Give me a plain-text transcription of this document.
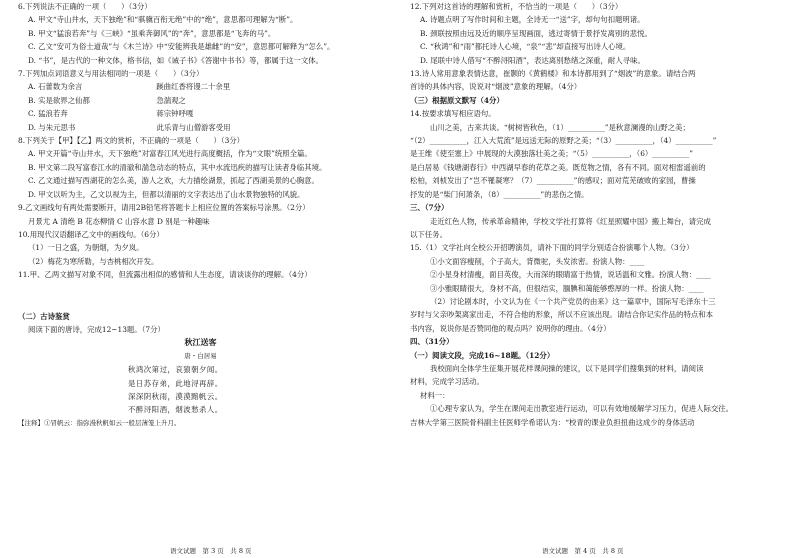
6.下列说法不正确的一项（　　）（3分）
A. 甲文“寺山井水，天下独绝”和“骐骥百衔无绝”中的“绝”，意思都可理解为“断”。
B. 甲文“猛浪若奔”与《三峡》“虽乘奔御风”的“奔”，意思都是“飞奔的马”。
C. 乙文“安可为俗士道哉”与《木兰诗》中“安能辨我是雄雌”的“安”，意思都可解释为“怎么”。
D. “书”，是古代的一种文体，格书信，如《诫子书》《答谢中书书》等，都属于这一文体。
7.下列加点词语意义与用法相同的一项是（　　）（3分）
A. 石蕾数为余言　　　　　　　　　　蹊曲红香将谩二十余里
B. 实是欲界之仙都　　　　　　　　　急湍观之
C. 猛浪若奔　　　　　　　　　　　　蒋宗钟呼嘎
D. 与朱元思书　　　　　　　　　　　此乐青与山僧游客受用
8.下列关于【甲】【乙】两文的赏析，不正确的一项是（　　）（3分）
A. 甲文开篇“寺山井水，天下独绝”对富春江风光进行高度概括，作为“文眼”统照全篇。
B. 甲文第二段写富春江水的清澈和湍急动态的特点，其中水流迅疾的描写让读者身临其境。
C. 乙文通过描写西湖花的怎么美，游人之欢，大力描绘湖景，抓起了西湖美景的心胸意。
D. 甲文以听为主，乙文以视为主，但都以清丽的文字表达出了山水景物独特的风貌。
9.乙文画线句有两处需要断开，请用2B铅笔将答题卡上相应位置的答案标号涂黑。（2分）
月景尤 A 清绝 B 花态柳情 C 山容水意 D 别是一种趣味
10.用现代汉语翻译乙文中的画线句。（6分）
（1）一日之盛，为朝烟，为夕岚。
（2）梅花为寒所勒，与杏桃相次开发。
11.甲、乙两文描写对象不同，但流露出相似的感情和人生态度，请谈谈你的理解。（4分）
（二）古诗鉴赏
阅读下面的唐诗，完成12~13题。（7分）
秋江送客
唐・白居易
秋鸿次第过，哀猿朝夕闻。
是日苏存弟，此地浔再辞。
深深阴秋雨，漠漠黯帆云。
不醉浔阳酒，烟波愁杀人。
【注释】①冒帆云：指弥漫秋帆如云一般层薄笼上升月。
12.下列对这首诗的理解和赏析，不恰当的一项是（　　）（3分）
A. 诗题点明了写作时间和主题，全诗无一“送”字，却句句扣题明诸。
B. 颈联按照由远及近的顺序呈现画面，逃过寄情于景抒发离别的悲悦。
C. “秋鸿”和“雨”都托诗人心境，“泉”“悲”却直接写出诗人心境。
D. 尾联中诗人借写“不醉浔阳酒”，表达离别愁绪之深重，耐人寻味。
13.诗人常用意象表情达意，崔颢的《黄鹤楼》和本诗都用到了“烟波”的意象。请结合两
首诗的具体内容，说说对“烟波”意象的理解。（4分）
（三）根据原文默写（4分）
14.按要求填写相应语句。
山川之美，古来共谈。“树树皆秋色，（1）__________”是秋意澜漫的山野之美；
“（2）__________，江入大荒流”是远送无际的原野之美；“（3）__________，（4）__________”
是王维《使至塞上》中展现的大漠独落壮美之美；“（5）__________，（6）__________”
是白居易《钱塘湖春行》中西湖早春的花草之美。既览物之情，各有不同。面对相雷遥前的
松柏，刘桢发出了“岂不罹凝寒？（7）__________”的感叹；面对荒芜破败的家园，曹操
抒发的是“柴门何萧条，（8）__________”的悲伤之情。
三、（7分）
走近红色人物，传承革命精神，学校文学社打算将《红星照耀中国》搬上舞台，请完成
以下任务。
15.（1）文学社向全校公开招聘演员，请补下面的同学分别适合扮演哪个人物。（3分）
①小文面容瘦削，个子高大，背微驼，头发浓密。扮演人物：____
②小星身材清瘦，面目英俊，大而深的眼睛富于热情，说话温和文雅。扮演人物：____
③小雅眼睛很大，身材不高，但很结实，腼腆和蔼能够憨厚的一样。扮演人物：____
（2）讨论剧本时，小文认为在《一个共产党员的由来》这一篇章中，国际写毛泽东十三
岁时与父亲吵架离家出走，不符合他的形象，所以不应该出现。请结合你记实作品的特点和本
书内容，说说你是否赞同他的观点吗？说明你的理由。（4分）
四、（31分）
（一）阅读文段，完成16~18题。（12分）
我校面向全体学生征集开展花样课间操的建议，以下是同学们搜集到的材料，请阅读
材料，完成学习活动。
材料一：
①心理专家认为，学生在课间走出教室进行运动，可以有效地缓解学习压力，促进人际交往。
吉林大学第三医院骨科副主任医师学希诺认为：“校青的课业负担扭曲这成少的身体活动
语文试题　第 3 页　共 8 页	语文试题　第 4 页　共 8 页
